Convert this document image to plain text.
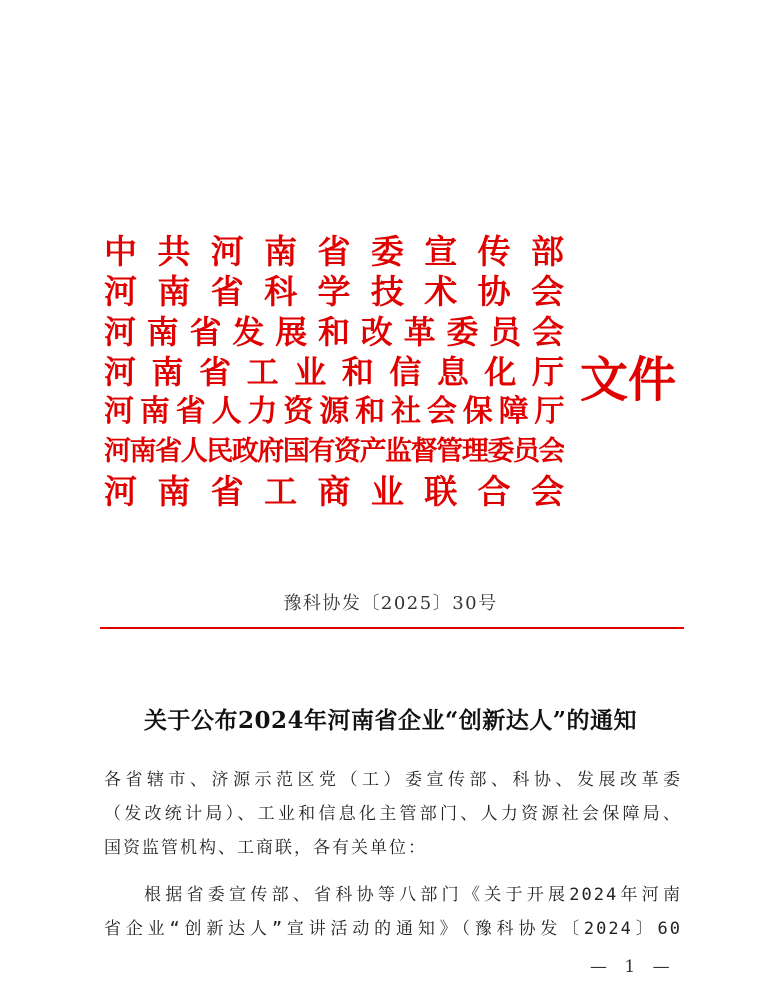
中共河南省委宣传部
河南省科学技术协会
河南省发展和改革委员会
河南省工业和信息化厅
河南省人力资源和社会保障厅
河南省人民政府国有资产监督管理委员会
河南省工商业联合会
文件
豫科协发〔2025〕30号
关于公布2024年河南省企业“创新达人”的通知
各省辖市、济源示范区党（工）委宣传部、科协、发展改革委
（发改统计局）、工业和信息化主管部门、人力资源社会保障局、
国资监管机构、工商联，各有关单位：
根据省委宣传部、省科协等八部门《关于开展2024年河南
省企业“创新达人”宣讲活动的通知》（豫科协发〔2024〕60
— 1 —
